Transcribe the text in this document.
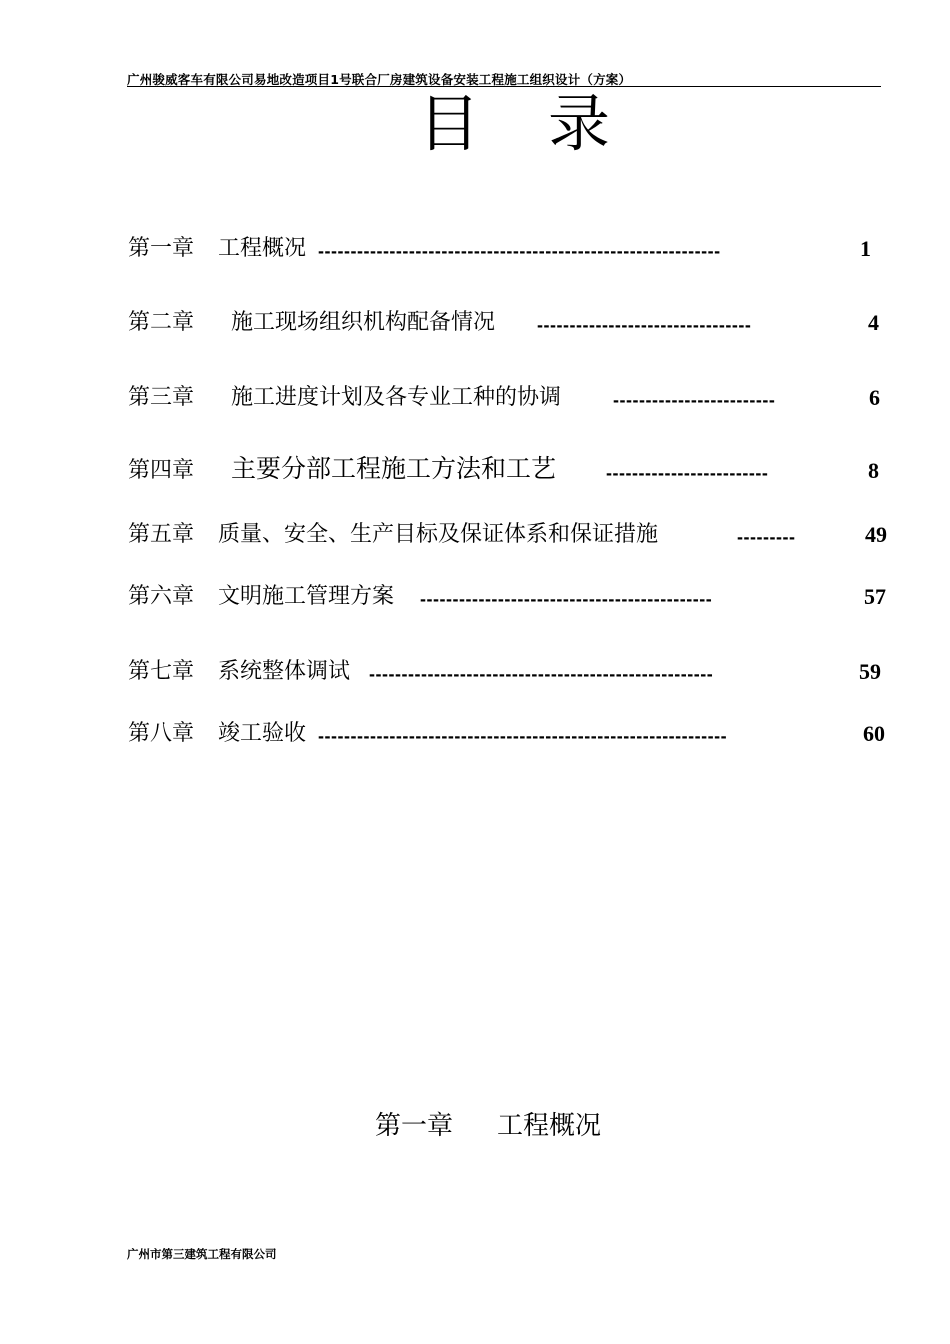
广州骏威客车有限公司易地改造项目1号联合厂房建筑设备安装工程施工组织设计（方案）
目 录
第一章 工程概况 --------------------------------------------------------------	1
第二章 施工现场组织机构配备情况 ---------------------------------	4
第三章 施工进度计划及各专业工种的协调	-------------------------	6
第四章 主要分部工程施工方法和工艺	-------------------------	8
第五章 质量、安全、生产目标及保证体系和保证措施	---------	49
第六章 文明施工管理方案 ---------------------------------------------	57
第七章 系统整体调试 -----------------------------------------------------	59
第八章 竣工验收 ---------------------------------------------------------------	60
第一章 工程概况
广州市第三建筑工程有限公司
